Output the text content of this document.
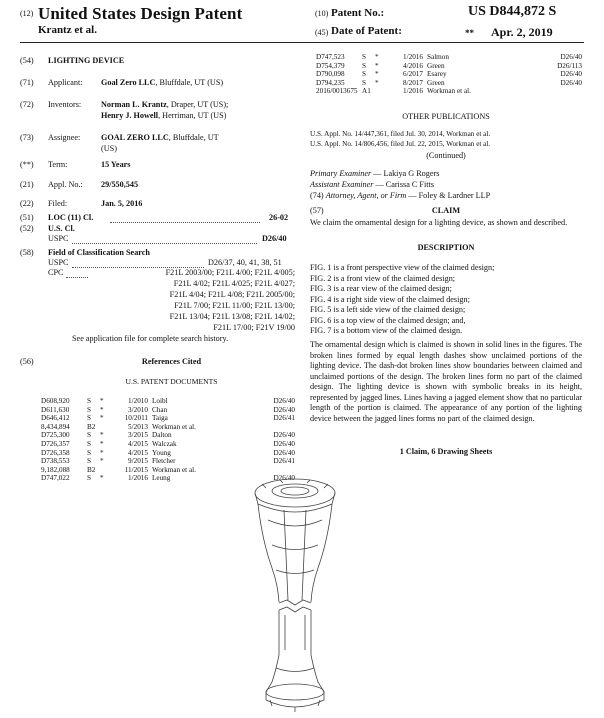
(12) United States Design Patent
Krantz et al.
(10) Patent No.:	US D844,872 S
(45) Date of Patent:	** Apr. 2, 2019
(54) LIGHTING DEVICE
(71) Applicant: Goal Zero LLC, Bluffdale, UT (US)
(72) Inventors: Norman L. Krantz, Draper, UT (US);
Henry J. Howell, Herriman, UT (US)
(73) Assignee:	GOAL ZERO LLC, Bluffdale, UT
(US)
(**) Term:	15 Years
(21) Appl. No.: 29/550,545
(22) Filed:	Jan. 5, 2016
(51) LOC (11) Cl.	26-02
(52) U.S. Cl.
USPC	D26/40
(58) Field of Classification Search
USPC	D26/37, 40, 41, 38, 51
CPC	F21L 2003/00; F21L 4/00; F21L 4/005;
F21L 4/02; F21L 4/025; F21L 4/027;
F21L 4/04; F21L 4/08; F21L 2005/00;
F21L 7/00; F21L 11/00; F21L 13/00;
F21L 13/04; F21L 13/08; F21L 14/02;
F21L 17/00; F21V 19/00
See application file for complete search history.
(56)	References Cited
U.S. PATENT DOCUMENTS
D608,920	S	*	1/2010 Loibl	D26/40
D611,630	S	*	3/2010 Chan	D26/40
D646,412	S	*	10/2011 Taiga	D26/41
8,434,894	B2	5/2013 Workman et al.
D725,300	S	*	3/2015 Dalton	D26/40
D726,357	S	*	4/2015 Walczak	D26/40
D726,358	S	*	4/2015 Young	D26/40
D738,553	S	*	9/2015 Fletcher	D26/41
9,182,088	B2	11/2015 Workman et al.
D747,022	S	*	1/2016 Leung	D26/40
D747,523	S	*	1/2016 Salmon	D26/40
D754,379	S	*	4/2016 Green	D26/113
D790,098	S	*	6/2017 Esarey	D26/40
D794,235	S	*	8/2017 Green	D26/40
2016/0013675 A1	1/2016 Workman et al.
OTHER PUBLICATIONS
U.S. Appl. No. 14/447,361, filed Jul. 30, 2014, Workman et al.
U.S. Appl. No. 14/806,456, filed Jul. 22, 2015, Workman et al.
(Continued)
Primary Examiner — Lakiya G Rogers
Assistant Examiner — Carissa C Fitts
(74) Attorney, Agent, or Firm — Foley & Lardner LLP
(57)	CLAIM
We claim the ornamental design for a lighting device, as shown and described.
DESCRIPTION
FIG. 1 is a front perspective view of the claimed design;
FIG. 2 is a front view of the claimed design;
FIG. 3 is a rear view of the claimed design;
FIG. 4 is a right side view of the claimed design;
FIG. 5 is a left side view of the claimed design;
FIG. 6 is a top view of the claimed design; and,
FIG. 7 is a bottom view of the claimed design.
The ornamental design which is claimed is shown in solid lines in the figures. The broken lines formed by equal length dashes show unclaimed portions of the lighting device. The dash-dot broken lines show boundaries between claimed and unclaimed portions of the design. The broken lines form no part of the claimed design. The lighting device is shown with symbolic breaks in its height, represented by jagged lines. Lines having a jagged element show that no particular length of the portion is claimed. The appearance of any portion of the lighting device between the jagged lines forms no part of the claimed design.
1 Claim, 6 Drawing Sheets
